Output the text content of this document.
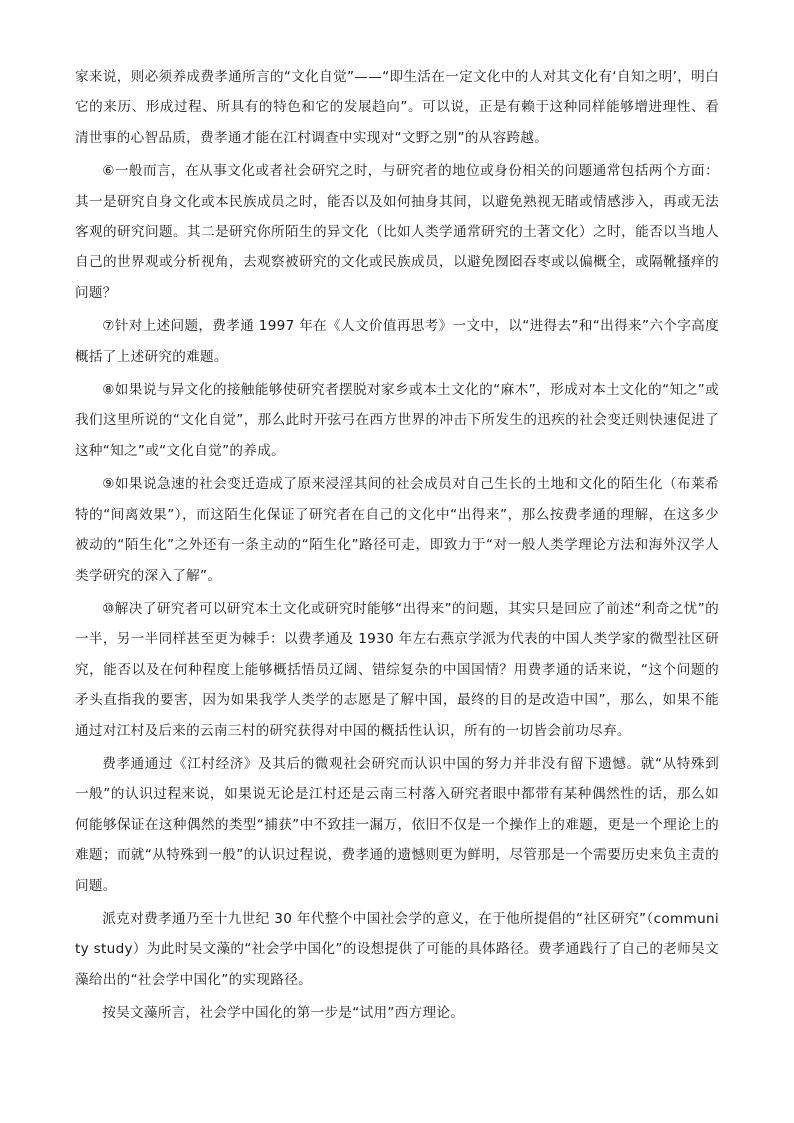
家来说，则必须养成费孝通所言的“文化自觉”——“即生活在一定文化中的人对其文化有‘自知之明’，明白它的来历、形成过程、所具有的特色和它的发展趋向”。可以说，正是有赖于这种同样能够增进理性、看清世事的心智品质，费孝通才能在江村调查中实现对“文野之别”的从容跨越。

⑥一般而言，在从事文化或者社会研究之时，与研究者的地位或身份相关的问题通常包括两个方面：其一是研究自身文化或本民族成员之时，能否以及如何抽身其间，以避免熟视无睹或情感涉入，再或无法客观的研究问题。其二是研究你所陌生的异文化（比如人类学通常研究的土著文化）之时，能否以当地人自己的世界观或分析视角，去观察被研究的文化或民族成员，以避免囫囵吞枣或以偏概全，或隔靴搔痒的问题？

⑦针对上述问题，费孝通 1997 年在《人文价值再思考》一文中，以“进得去”和“出得来”六个字高度概括了上述研究的难题。

⑧如果说与异文化的接触能够使研究者摆脱对家乡或本土文化的“麻木”，形成对本土文化的“知之”或我们这里所说的“文化自觉”，那么此时开弦弓在西方世界的冲击下所发生的迅疾的社会变迁则快速促进了这种“知之”或“文化自觉”的养成。

⑨如果说急速的社会变迁造成了原来浸淫其间的社会成员对自己生长的土地和文化的陌生化（布莱希特的“间离效果”），而这陌生化保证了研究者在自己的文化中“出得来”，那么按费孝通的理解，在这多少被动的“陌生化”之外还有一条主动的“陌生化”路径可走，即致力于“对一般人类学理论方法和海外汉学人类学研究的深入了解”。

⑩解决了研究者可以研究本土文化或研究时能够“出得来”的问题，其实只是回应了前述“利奇之忧”的一半，另一半同样甚至更为棘手：以费孝通及 1930 年左右燕京学派为代表的中国人类学家的微型社区研究，能否以及在何种程度上能够概括悟员辽阔、错综复杂的中国国情？用费孝通的话来说，“这个问题的矛头直指我的要害，因为如果我学人类学的志愿是了解中国，最终的目的是改造中国”，那么，如果不能通过对江村及后来的云南三村的研究获得对中国的概括性认识，所有的一切皆会前功尽弃。

费孝通通过《江村经济》及其后的微观社会研究而认识中国的努力并非没有留下遗憾。就“从特殊到一般”的认识过程来说，如果说无论是江村还是云南三村落入研究者眼中都带有某种偶然性的话，那么如何能够保证在这种偶然的类型“捕获”中不致挂一漏万，依旧不仅是一个操作上的难题，更是一个理论上的难题；而就“从特殊到一般”的认识过程说，费孝通的遗憾则更为鲜明，尽管那是一个需要历史来负主责的问题。

派克对费孝通乃至十九世纪 30 年代整个中国社会学的意义，在于他所提倡的“社区研究”（community study）为此时吴文藻的“社会学中国化”的设想提供了可能的具体路径。费孝通践行了自己的老师吴文藻给出的“社会学中国化”的实现路径。

按吴文藻所言，社会学中国化的第一步是“试用”西方理论。
